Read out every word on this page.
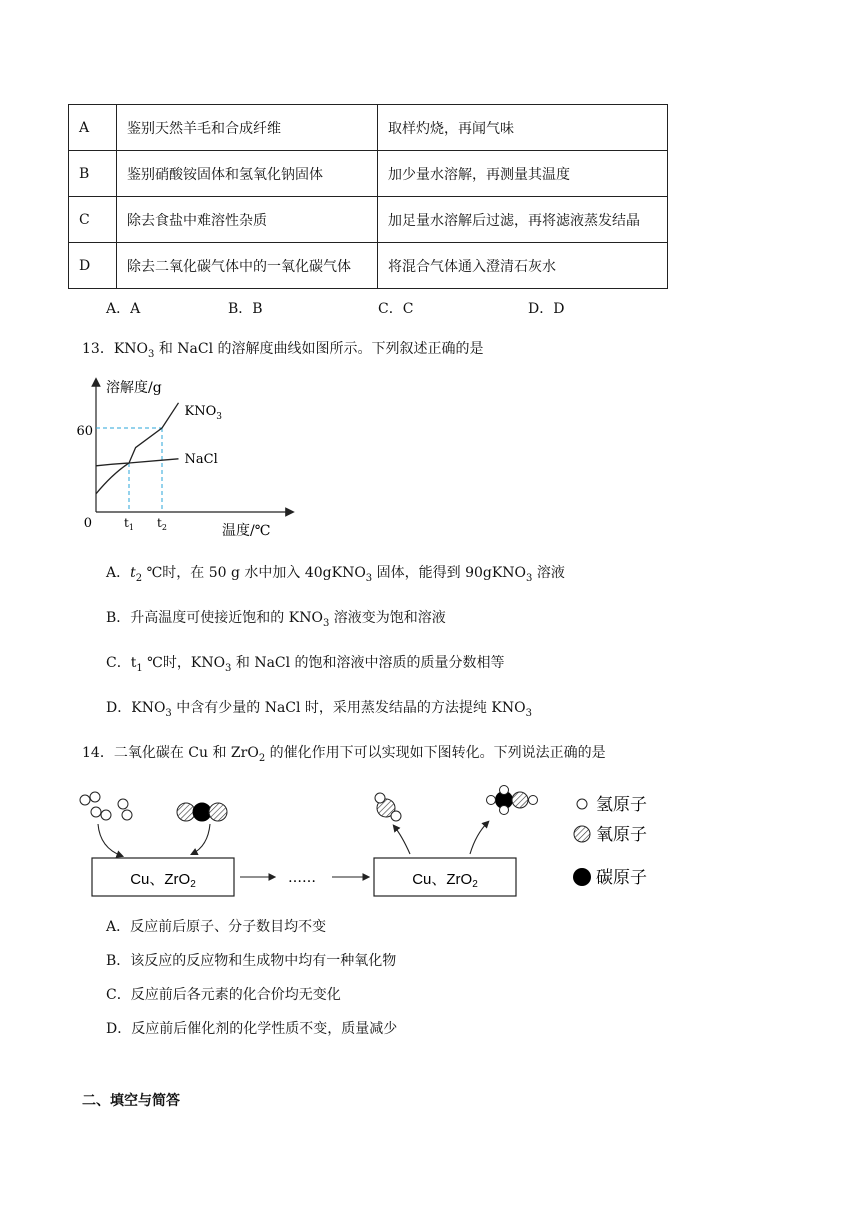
A	鉴别天然羊毛和合成纤维	取样灼烧，再闻气味
B	鉴别硝酸铵固体和氢氧化钠固体	加少量水溶解，再测量其温度
C	除去食盐中难溶性杂质	加足量水溶解后过滤，再将滤液蒸发结晶
D	除去二氧化碳气体中的一氧化碳气体	将混合气体通入澄清石灰水
A．A	B．B	C．C	D．D
13．$KNO_3$ 和 NaCl 的溶解度曲线如图所示。下列叙述正确的是
溶解度/g
温度/℃
0
60
$KNO_3$
NaCl
$t_1$ $t_2$
A．$t_2$ ℃时，在 50 g 水中加入 40gKNO$_3$ 固体，能得到 90gKNO$_3$ 溶液
B．升高温度可使接近饱和的 $KNO_3$ 溶液变为饱和溶液
C．$t_1$ ℃时，$KNO_3$ 和 NaCl 的饱和溶液中溶质的质量分数相等
D．$KNO_3$ 中含有少量的 NaCl 时，采用蒸发结晶的方法提纯 $KNO_3$
14．二氧化碳在 Cu 和 ZrO$_2$ 的催化作用下可以实现如下图转化。下列说法正确的是
Cu、ZrO$_2$	……	Cu、ZrO$_2$
氢原子
氧原子
碳原子
A．反应前后原子、分子数目均不变
B．该反应的反应物和生成物中均有一种氧化物
C．反应前后各元素的化合价均无变化
D．反应前后催化剂的化学性质不变，质量减少
二、填空与简答
